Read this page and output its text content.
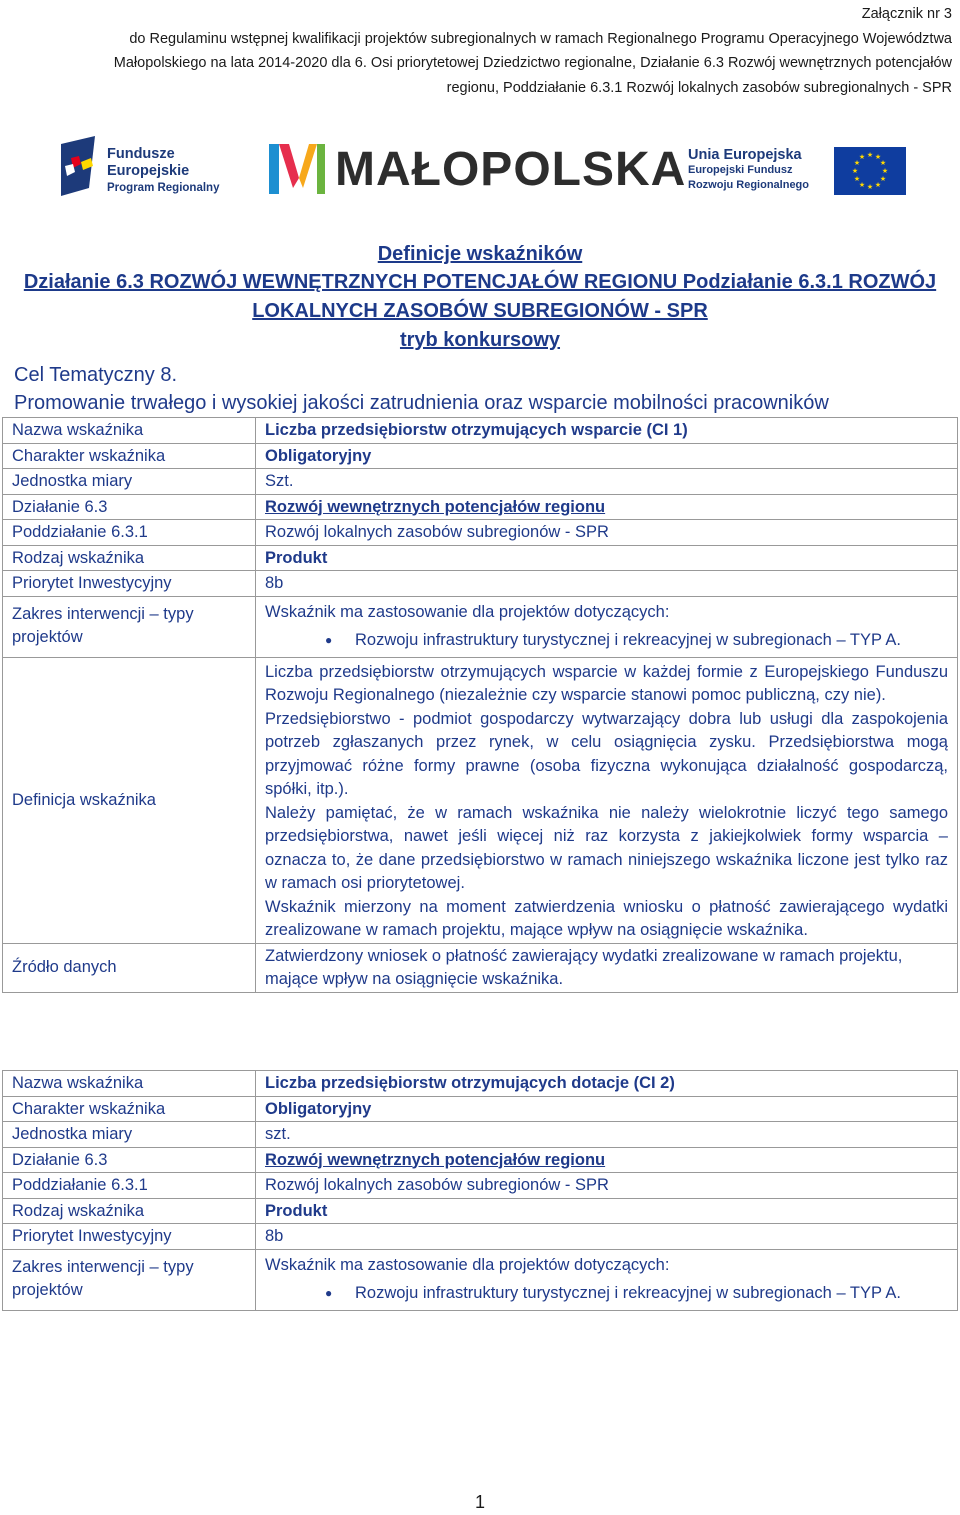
Załącznik nr 3
do Regulaminu wstępnej kwalifikacji projektów subregionalnych w ramach Regionalnego Programu Operacyjnego Województwa
Małopolskiego na lata 2014-2020 dla 6. Osi priorytetowej Dziedzictwo regionalne, Działanie 6.3 Rozwój wewnętrznych potencjałów
regionu, Poddziałanie 6.3.1 Rozwój lokalnych zasobów subregionalnych - SPR
Fundusze
Europejskie
Program Regionalny MAŁOPOLSKA Unia Europejska
Europejski Fundusz
Rozwoju Regionalnego
★ ★
★
★
★
★
★
★
★
★
★
★
Definicje wskaźników
Działanie 6.3 ROZWÓJ WEWNĘTRZNYCH POTENCJAŁÓW REGIONU Podziałanie 6.3.1 ROZWÓJ LOKALNYCH ZASOBÓW SUBREGIONÓW - SPR
tryb konkursowy
Cel Tematyczny 8.
Promowanie trwałego i wysokiej jakości zatrudnienia oraz wsparcie mobilności pracowników
Nazwa wskaźnika	Liczba przedsiębiorstw otrzymujących wsparcie (CI 1)
Charakter wskaźnika	Obligatoryjny
Jednostka miary	Szt.
Działanie 6.3	Rozwój wewnętrznych potencjałów regionu
Poddziałanie 6.3.1	Rozwój lokalnych zasobów subregionów - SPR
Rodzaj wskaźnika	Produkt
Priorytet Inwestycyjny	8b
Zakres interwencji – typy projektów	Wskaźnik ma zastosowanie dla projektów dotyczących:
● Rozwoju infrastruktury turystycznej i rekreacyjnej w subregionach – TYP A.

Definicja wskaźnika	Liczba przedsiębiorstw otrzymujących wsparcie w każdej formie z Europejskiego Funduszu Rozwoju Regionalnego (niezależnie czy wsparcie stanowi pomoc publiczną, czy nie).
Przedsiębiorstwo - podmiot gospodarczy wytwarzający dobra lub usługi dla zaspokojenia potrzeb zgłaszanych przez rynek, w celu osiągnięcia zysku. Przedsiębiorstwa mogą przyjmować różne formy prawne (osoba fizyczna wykonująca działalność gospodarczą, spółki, itp.).
Należy pamiętać, że w ramach wskaźnika nie należy wielokrotnie liczyć tego samego przedsiębiorstwa, nawet jeśli więcej niż raz korzysta z jakiejkolwiek formy wsparcia – oznacza to, że dane przedsiębiorstwo w ramach niniejszego wskaźnika liczone jest tylko raz w ramach osi priorytetowej.
Wskaźnik mierzony na moment zatwierdzenia wniosku o płatność zawierającego wydatki zrealizowane w ramach projektu, mające wpływ na osiągnięcie wskaźnika.

Źródło danych	Zatwierdzony wniosek o płatność zawierający wydatki zrealizowane w ramach projektu, mające wpływ na osiągnięcie wskaźnika.
Nazwa wskaźnika	Liczba przedsiębiorstw otrzymujących dotacje (CI 2)
Charakter wskaźnika	Obligatoryjny
Jednostka miary	szt.
Działanie 6.3	Rozwój wewnętrznych potencjałów regionu
Poddziałanie 6.3.1	Rozwój lokalnych zasobów subregionów - SPR
Rodzaj wskaźnika	Produkt
Priorytet Inwestycyjny	8b
Zakres interwencji – typy projektów	Wskaźnik ma zastosowanie dla projektów dotyczących:
● Rozwoju infrastruktury turystycznej i rekreacyjnej w subregionach – TYP A.
1
